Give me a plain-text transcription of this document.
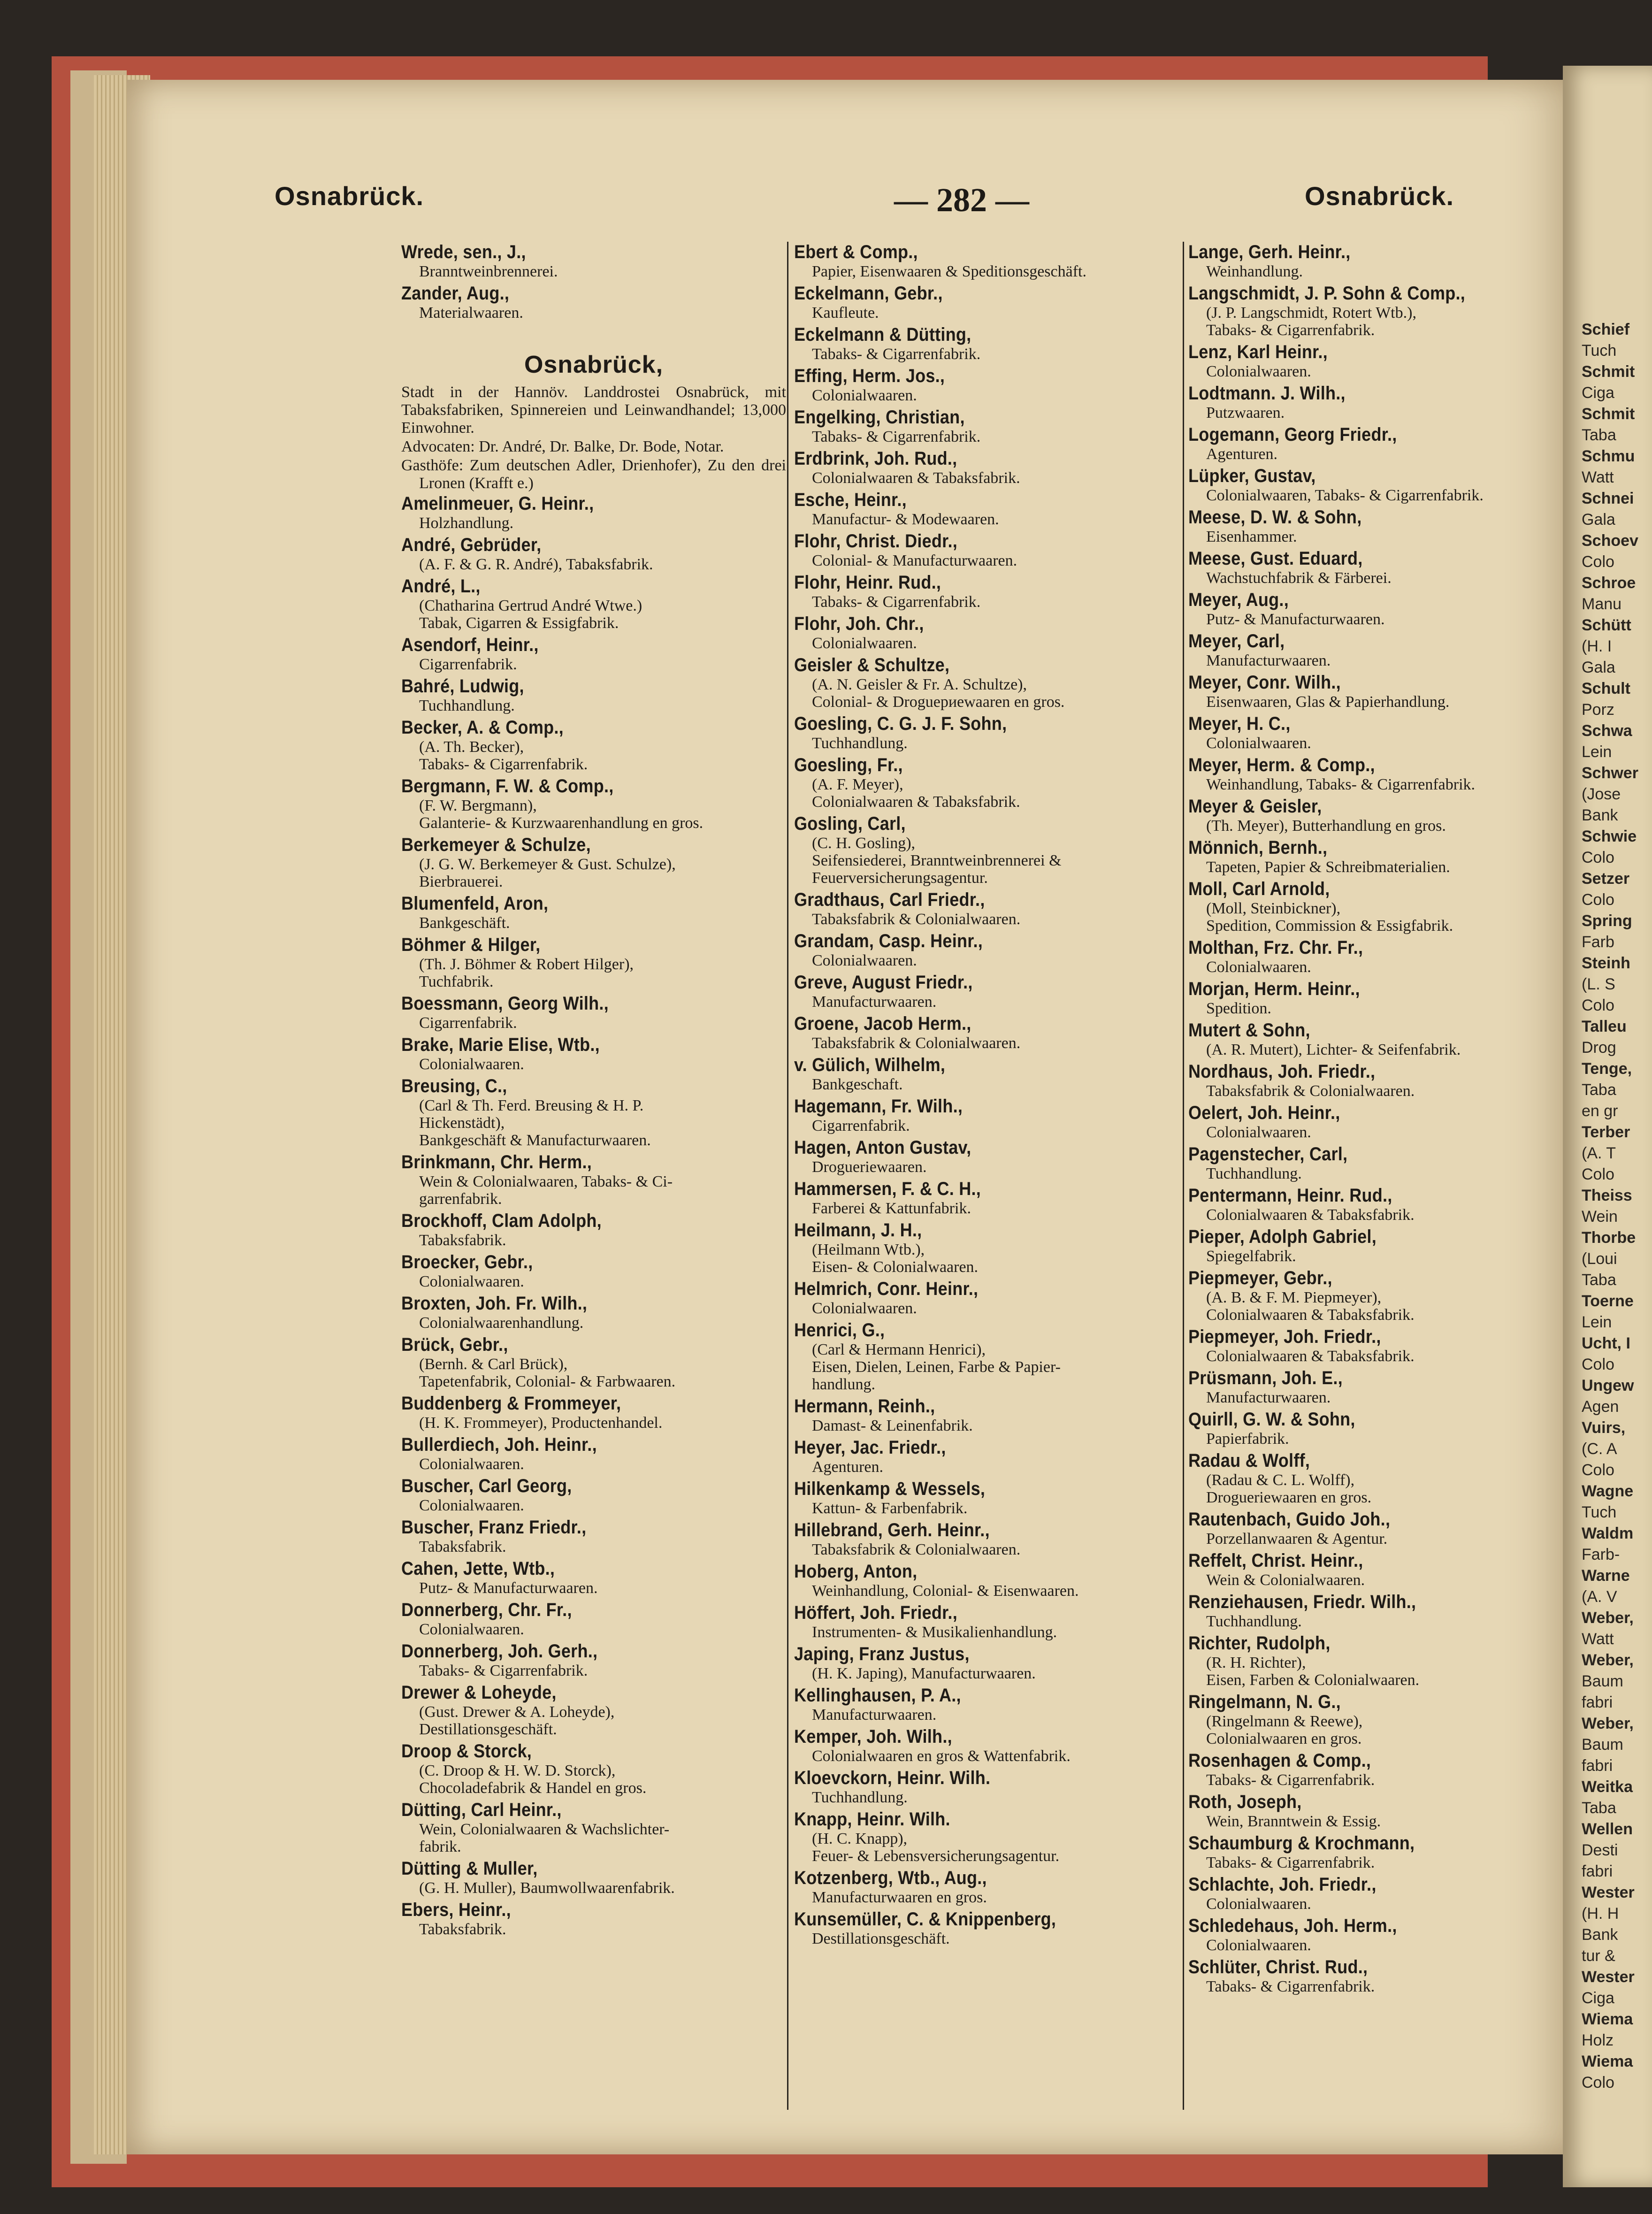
Schief
Tuch
Schmit
Ciga
Schmit
Taba
Schmu
Watt
Schnei
Gala
Schoev
Colo
Schroe
Manu
Schütt
(H. I
Gala
Schult
Porz
Schwa
Lein
Schwer
(Jose
Bank
Schwie
Colo
Setzer
Colo
Spring
Farb
Steinh
(L. S
Colo
Talleu
Drog
Tenge,
Taba
en gr
Terber
(A. T
Colo
Theiss
Wein
Thorbe
(Loui
Taba
Toerne
Lein
Ucht, I
Colo
Ungew
Agen
Vuirs,
(C. A
Colo
Wagne
Tuch
Waldm
Farb-
Warne
(A. V
Weber,
Watt
Weber,
Baum
fabri
Weber,
Baum
fabri
Weitka
Taba
Wellen
Desti
fabri
Wester
(H. H
Bank
tur &
Wester
Ciga
Wiema
Holz
Wiema
Colo
Osnabrück.	— 282 —	Osnabrück.
Wrede, sen., J.,
Branntweinbrennerei.
Zander, Aug.,
Materialwaaren.
Osnabrück,
Stadt in der Hannöv. Landdrostei Osnabrück, mit Tabaksfabriken, Spinnereien und Leinwandhandel; 13,000 Einwohner.
Advocaten: Dr. André, Dr. Balke, Dr. Bode, Notar.
Gasthöfe: Zum deutschen Adler, Drienhofer), Zu den drei Lronen (Krafft e.)
Amelinmeuer, G. Heinr.,
Holzhandlung.
André, Gebrüder,
(A. F. & G. R. André), Tabaksfabrik.
André, L.,
(Chatharina Gertrud André Wtwe.)
Tabak, Cigarren & Essigfabrik.
Asendorf, Heinr.,
Cigarrenfabrik.
Bahré, Ludwig,
Tuchhandlung.
Becker, A. & Comp.,
(A. Th. Becker),
Tabaks- & Cigarrenfabrik.
Bergmann, F. W. & Comp.,
(F. W. Bergmann),
Galanterie- & Kurzwaarenhandlung en gros.
Berkemeyer & Schulze,
(J. G. W. Berkemeyer & Gust. Schulze),
Bierbrauerei.
Blumenfeld, Aron,
Bankgeschäft.
Böhmer & Hilger,
(Th. J. Böhmer & Robert Hilger),
Tuchfabrik.
Boessmann, Georg Wilh.,
Cigarrenfabrik.
Brake, Marie Elise, Wtb.,
Colonialwaaren.
Breusing, C.,
(Carl & Th. Ferd. Breusing & H. P.
Hickenstädt),
Bankgeschäft & Manufacturwaaren.
Brinkmann, Chr. Herm.,
Wein & Colonialwaaren, Tabaks- & Ci-
garrenfabrik.
Brockhoff, Clam Adolph,
Tabaksfabrik.
Broecker, Gebr.,
Colonialwaaren.
Broxten, Joh. Fr. Wilh.,
Colonialwaarenhandlung.
Brück, Gebr.,
(Bernh. & Carl Brück),
Tapetenfabrik, Colonial- & Farbwaaren.
Buddenberg & Frommeyer,
(H. K. Frommeyer), Productenhandel.
Bullerdiech, Joh. Heinr.,
Colonialwaaren.
Buscher, Carl Georg,
Colonialwaaren.
Buscher, Franz Friedr.,
Tabaksfabrik.
Cahen, Jette, Wtb.,
Putz- & Manufacturwaaren.
Donnerberg, Chr. Fr.,
Colonialwaaren.
Donnerberg, Joh. Gerh.,
Tabaks- & Cigarrenfabrik.
Drewer & Loheyde,
(Gust. Drewer & A. Loheyde),
Destillationsgeschäft.
Droop & Storck,
(C. Droop & H. W. D. Storck),
Chocoladefabrik & Handel en gros.
Dütting, Carl Heinr.,
Wein, Colonialwaaren & Wachslichter-
fabrik.
Dütting & Muller,
(G. H. Muller), Baumwollwaarenfabrik.
Ebers, Heinr.,
Tabaksfabrik.
Ebert & Comp.,
Papier, Eisenwaaren & Speditionsgeschäft.
Eckelmann, Gebr.,
Kaufleute.
Eckelmann & Dütting,
Tabaks- & Cigarrenfabrik.
Effing, Herm. Jos.,
Colonialwaaren.
Engelking, Christian,
Tabaks- & Cigarrenfabrik.
Erdbrink, Joh. Rud.,
Colonialwaaren & Tabaksfabrik.
Esche, Heinr.,
Manufactur- & Modewaaren.
Flohr, Christ. Diedr.,
Colonial- & Manufacturwaaren.
Flohr, Heinr. Rud.,
Tabaks- & Cigarrenfabrik.
Flohr, Joh. Chr.,
Colonialwaaren.
Geisler & Schultze,
(A. N. Geisler & Fr. A. Schultze),
Colonial- & Droguериewaaren en gros.
Goesling, C. G. J. F. Sohn,
Tuchhandlung.
Goesling, Fr.,
(A. F. Meyer),
Colonialwaaren & Tabaksfabrik.
Gosling, Carl,
(C. H. Gosling),
Seifensiederei, Branntweinbrennerei &
Feuerversicherungsagentur.
Gradthaus, Carl Friedr.,
Tabaksfabrik & Colonialwaaren.
Grandam, Casp. Heinr.,
Colonialwaaren.
Greve, August Friedr.,
Manufacturwaaren.
Groene, Jacob Herm.,
Tabaksfabrik & Colonialwaaren.
v. Gülich, Wilhelm,
Bankgeschaft.
Hagemann, Fr. Wilh.,
Cigarrenfabrik.
Hagen, Anton Gustav,
Droguеriewaaren.
Hammersen, F. & C. H.,
Farberei & Kattunfabrik.
Heilmann, J. H.,
(Heilmann Wtb.),
Eisen- & Colonialwaaren.
Helmrich, Conr. Heinr.,
Colonialwaaren.
Henrici, G.,
(Carl & Hermann Henrici),
Eisen, Dielen, Leinen, Farbe & Papier-
handlung.
Hermann, Reinh.,
Damast- & Leinenfabrik.
Heyer, Jac. Friedr.,
Agenturen.
Hilkenkamp & Wessels,
Kattun- & Farbenfabrik.
Hillebrand, Gerh. Heinr.,
Tabaksfabrik & Colonialwaaren.
Hoberg, Anton,
Weinhandlung, Colonial- & Eisenwaaren.
Höffert, Joh. Friedr.,
Instrumenten- & Musikalienhandlung.
Japing, Franz Justus,
(H. K. Japing), Manufacturwaaren.
Kellinghausen, P. A.,
Manufacturwaaren.
Kemper, Joh. Wilh.,
Colonialwaaren en gros & Wattenfabrik.
Kloevckorn, Heinr. Wilh.
Tuchhandlung.
Knapp, Heinr. Wilh.
(H. C. Knapp),
Feuer- & Lebensversicherungsagentur.
Kotzenberg, Wtb., Aug.,
Manufacturwaaren en gros.
Kunsemüller, C. & Knippenberg,
Destillationsgeschäft.
Lange, Gerh. Heinr.,
Weinhandlung.
Langschmidt, J. P. Sohn & Comp.,
(J. P. Langschmidt, Rotert Wtb.),
Tabaks- & Cigarrenfabrik.
Lenz, Karl Heinr.,
Colonialwaaren.
Lodtmann. J. Wilh.,
Putzwaaren.
Logemann, Georg Friedr.,
Agenturen.
Lüpker, Gustav,
Colonialwaaren, Tabaks- & Cigarrenfabrik.
Meese, D. W. & Sohn,
Eisenhammer.
Meese, Gust. Eduard,
Wachstuchfabrik & Färberei.
Meyer, Aug.,
Putz- & Manufacturwaaren.
Meyer, Carl,
Manufacturwaaren.
Meyer, Conr. Wilh.,
Eisenwaaren, Glas & Papierhandlung.
Meyer, H. C.,
Colonialwaaren.
Meyer, Herm. & Comp.,
Weinhandlung, Tabaks- & Cigarrenfabrik.
Meyer & Geisler,
(Th. Meyer), Butterhandlung en gros.
Mönnich, Bernh.,
Tapeten, Papier & Schreibmaterialien.
Moll, Carl Arnold,
(Moll, Steinbickner),
Spedition, Commission & Essigfabrik.
Molthan, Frz. Chr. Fr.,
Colonialwaaren.
Morjan, Herm. Heinr.,
Spedition.
Mutert & Sohn,
(A. R. Mutert), Lichter- & Seifenfabrik.
Nordhaus, Joh. Friedr.,
Tabaksfabrik & Colonialwaaren.
Oelert, Joh. Heinr.,
Colonialwaaren.
Pagenstecher, Carl,
Tuchhandlung.
Pentermann, Heinr. Rud.,
Colonialwaaren & Tabaksfabrik.
Pieper, Adolph Gabriel,
Spiegelfabrik.
Piepmeyer, Gebr.,
(A. B. & F. M. Piepmeyer),
Colonialwaaren & Tabaksfabrik.
Piepmeyer, Joh. Friedr.,
Colonialwaaren & Tabaksfabrik.
Prüsmann, Joh. E.,
Manufacturwaaren.
Quirll, G. W. & Sohn,
Papierfabrik.
Radau & Wolff,
(Radau & C. L. Wolff),
Drogueriewaaren en gros.
Rautenbach, Guido Joh.,
Porzellanwaaren & Agentur.
Reffelt, Christ. Heinr.,
Wein & Colonialwaaren.
Renziehausen, Friedr. Wilh.,
Tuchhandlung.
Richter, Rudolph,
(R. H. Richter),
Eisen, Farben & Colonialwaaren.
Ringelmann, N. G.,
(Ringelmann & Reewe),
Colonialwaaren en gros.
Rosenhagen & Comp.,
Tabaks- & Cigarrenfabrik.
Roth, Joseph,
Wein, Branntwein & Essig.
Schaumburg & Krochmann,
Tabaks- & Cigarrenfabrik.
Schlachte, Joh. Friedr.,
Colonialwaaren.
Schledehaus, Joh. Herm.,
Colonialwaaren.
Schlüter, Christ. Rud.,
Tabaks- & Cigarrenfabrik.
